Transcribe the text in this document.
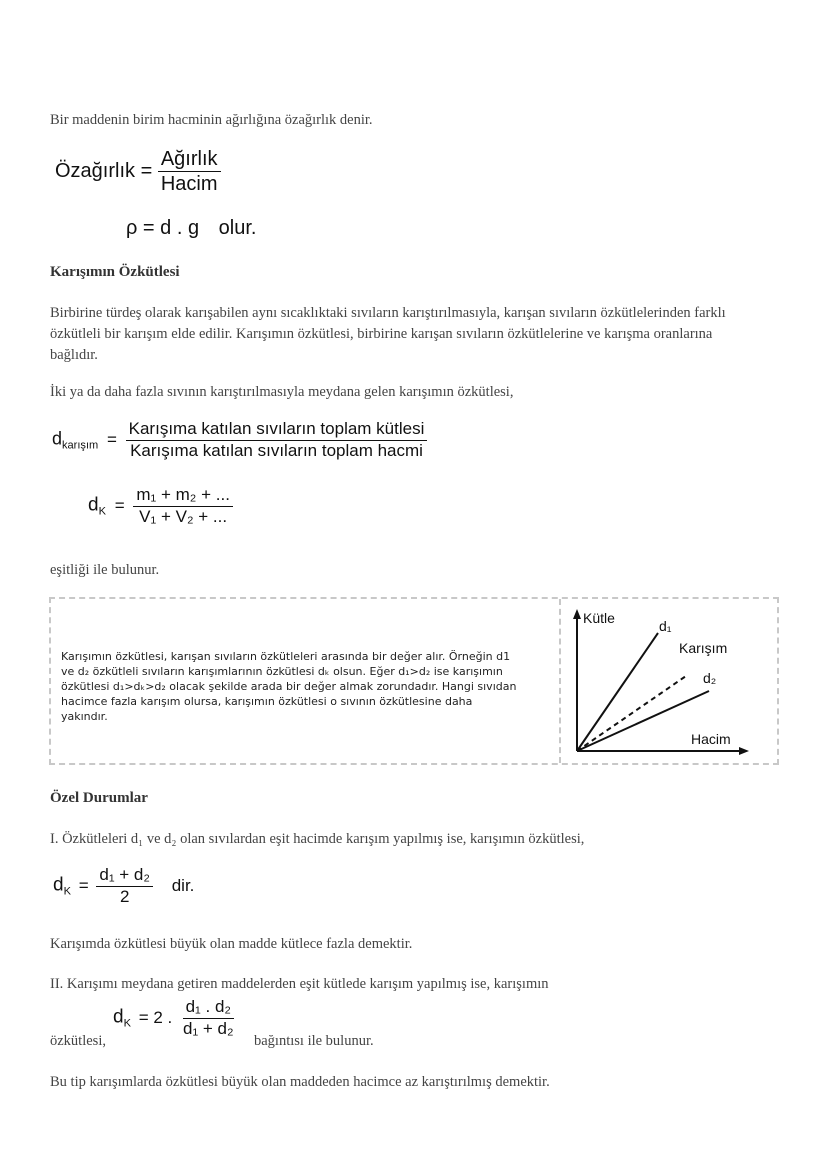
Bir maddenin birim hacminin ağırlığına özağırlık denir.

Özağırlık = $\frac{\text{Ağırlık}}{\text{Hacim}}$
ρ = d . g olur.
Karışımın Özkütlesi

Birbirine türdeş olarak karışabilen aynı sıcaklıktaki sıvıların karıştırılmasıyla, karışan sıvıların özkütlelerinden farklı özkütleli bir karışım elde edilir. Karışımın özkütlesi, birbirine karışan sıvıların özkütlelerine ve karışma oranlarına bağlıdır.

İki ya da daha fazla sıvının karıştırılmasıyla meydana gelen karışımın özkütlesi,

$d_{karışım} = \frac{\text{Karışıma katılan sıvıların toplam kütlesi}}{\text{Karışıma katılan sıvıların toplam hacmi}}$
$d_K = \frac{\text{m₁ + m₂ + ...}}{\text{V₁ + V₂ + ...}}$

eşitliği ile bulunur.

Karışımın özkütlesi, karışan sıvıların özkütleleri arasında bir değer alır. Örneğin d1
ve d₂ özkütleli sıvıların karışımlarının özkütlesi dₖ olsun. Eğer d₁>d₂ ise karışımın
özkütlesi d₁>dₖ>d₂ olacak şekilde arada bir değer almak zorundadır. Hangi sıvıdan
hacimce fazla karışım olursa, karışımın özkütlesi o sıvının özkütlesine daha
yakındır.
Kütle
Hacim
d₁
Karışım
d₂
Özel Durumlar

I. Özkütleleri d₁ ve d₂ olan sıvılardan eşit hacimde karışım yapılmış ise, karışımın özkütlesi,

$d_K = \frac{\text{d₁ + d₂}}{2}$ dir.

Karışımda özkütlesi büyük olan madde kütlece fazla demektir.

II. Karışımı meydana getiren maddelerden eşit kütlede karışım yapılmış ise, karışımın

özkütlesi,

$d_K = 2$ . $\frac{\text{d₁ . d₂}}{\text{d₁ + d₂}}$

bağıntısı ile bulunur.

Bu tip karışımlarda özkütlesi büyük olan maddeden hacimce az karıştırılmış demektir.
